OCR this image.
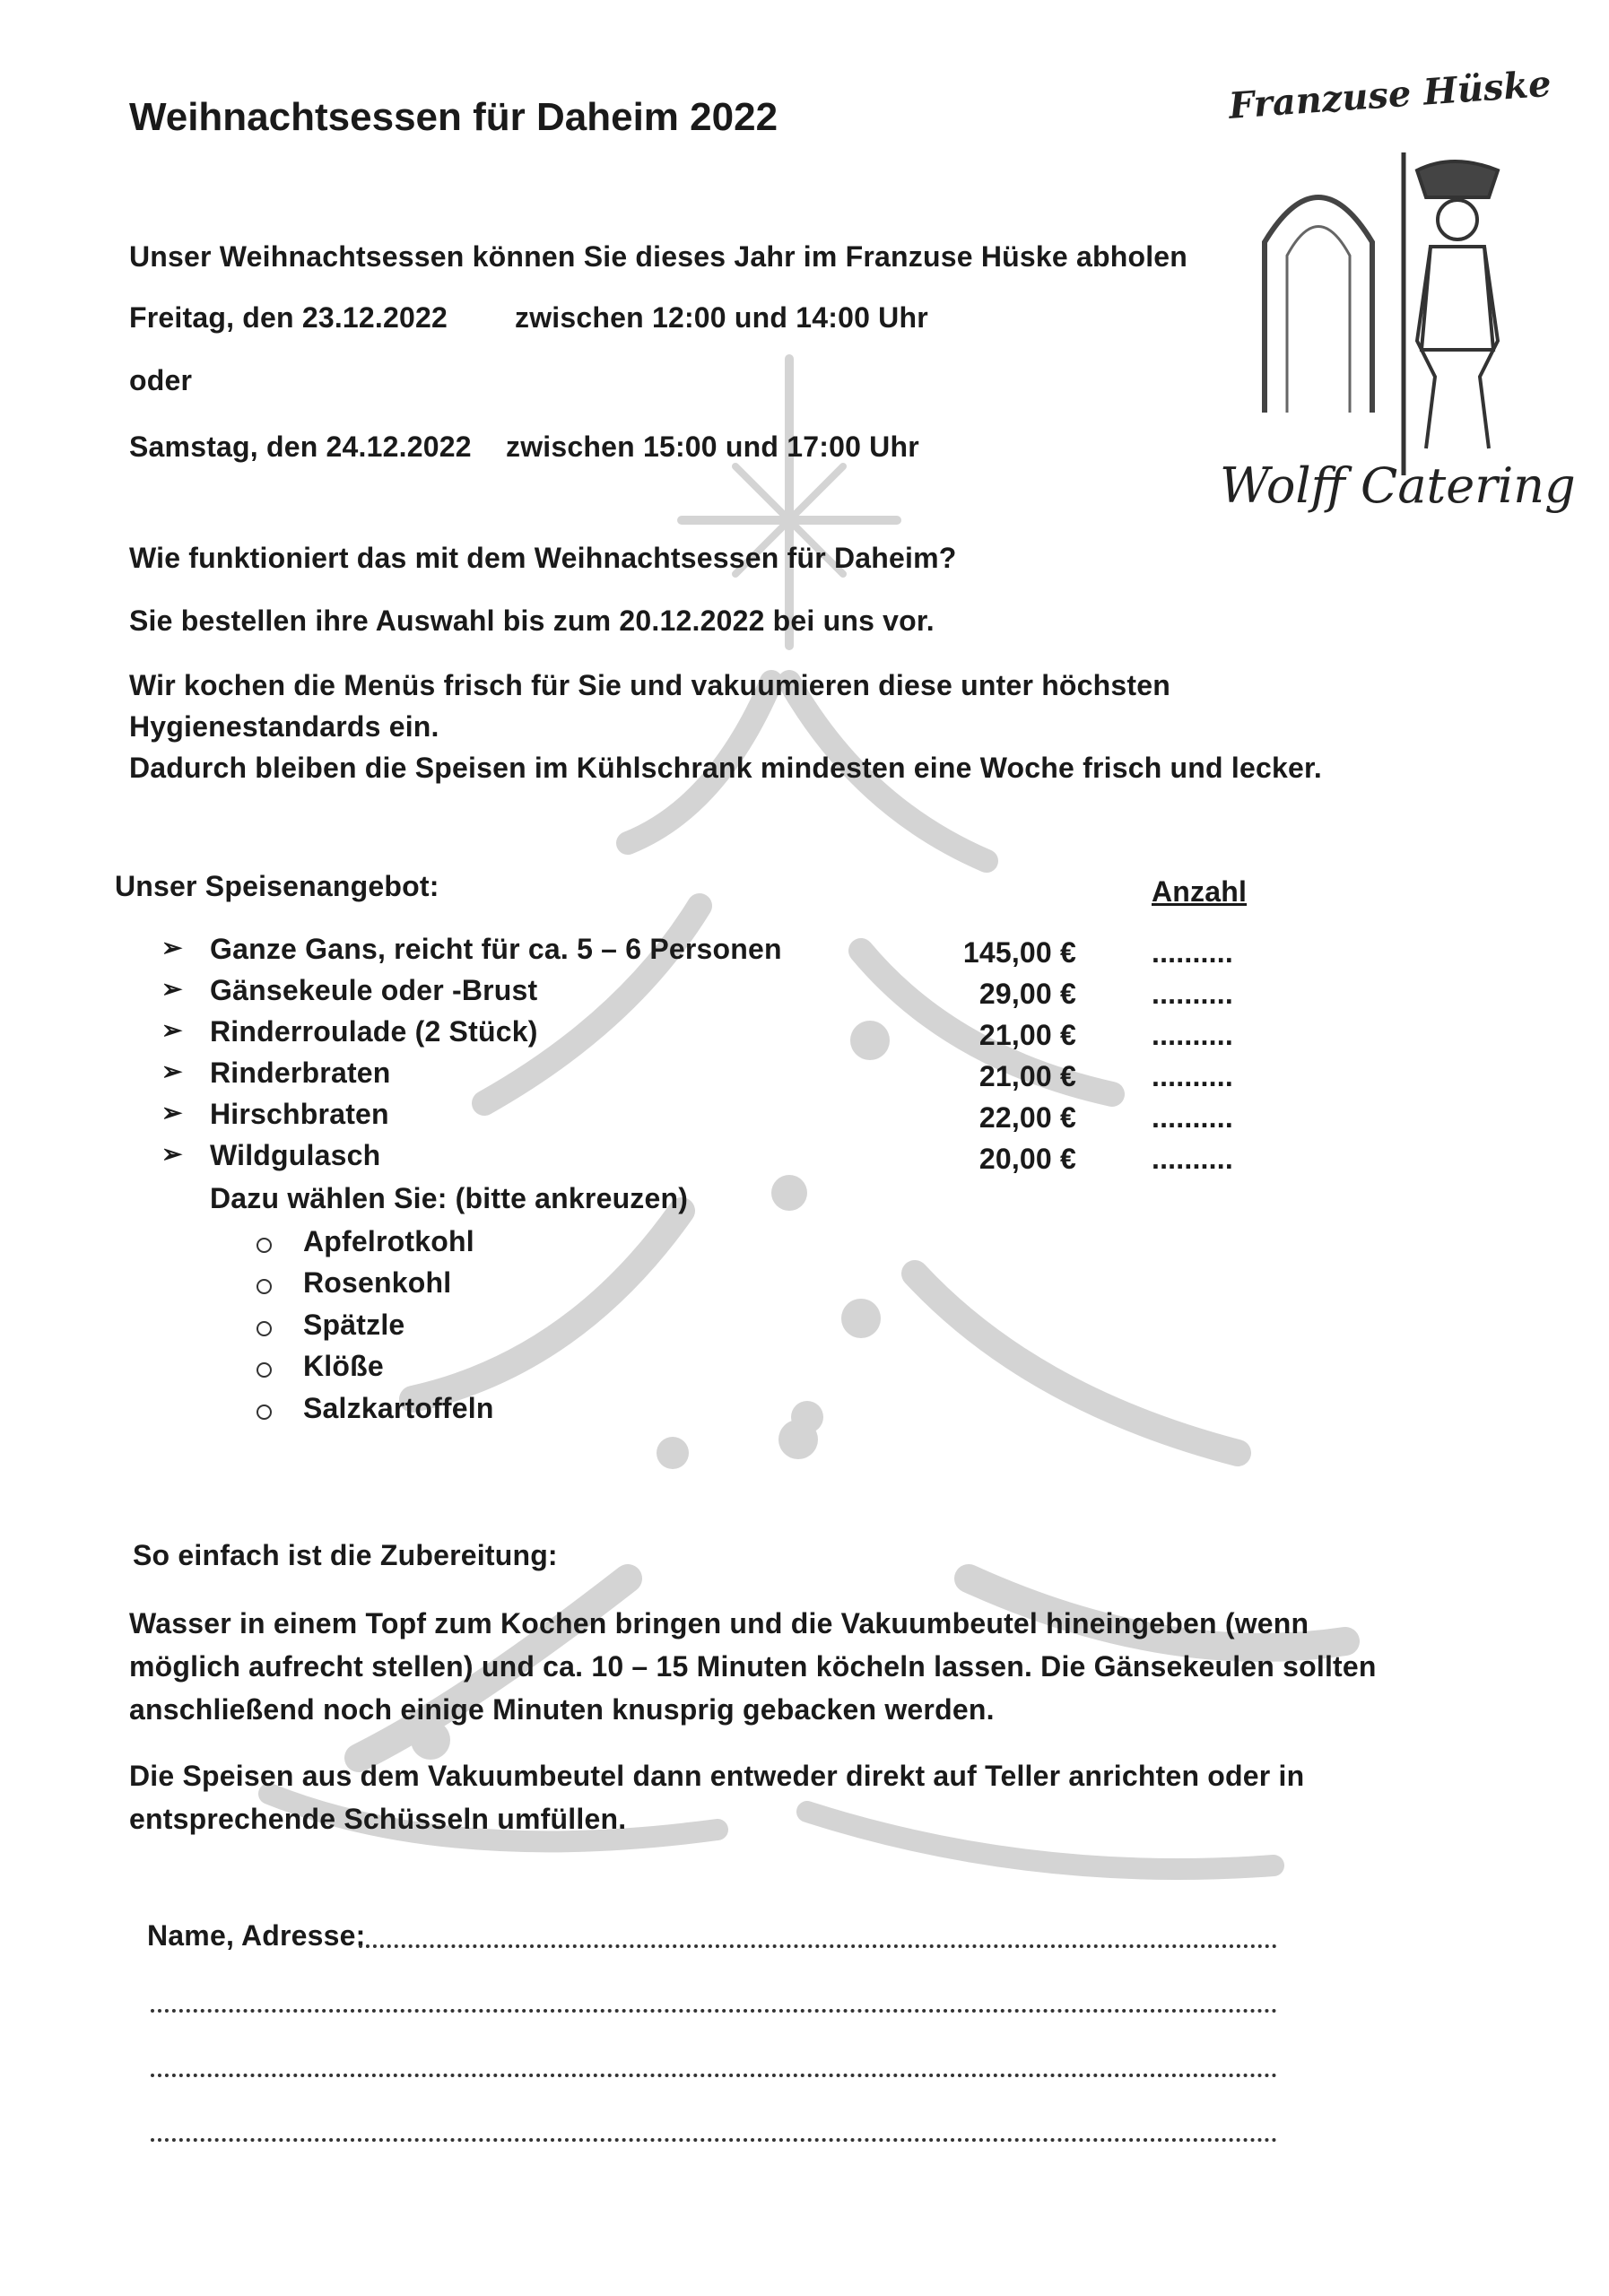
Franzuse Hüske
Wolff Catering
Weihnachtsessen für Daheim 2022
Unser Weihnachtsessen können Sie dieses Jahr im Franzuse Hüske abholen
Freitag, den 23.12.2022 zwischen 12:00 und 14:00 Uhr
oder
Samstag, den 24.12.2022 zwischen 15:00 und 17:00 Uhr
Wie funktioniert das mit dem Weihnachtsessen für Daheim?
Sie bestellen ihre Auswahl bis zum 20.12.2022 bei uns vor.
Wir kochen die Menüs frisch für Sie und vakuumieren diese unter höchsten
Hygienestandards ein.
Dadurch bleiben die Speisen im Kühlschrank mindesten eine Woche frisch und lecker.
Unser Speisenangebot:	Anzahl
➢ Ganze Gans, reicht für ca. 5 – 6 Personen	145,00 €	..........
➢ Gänsekeule oder -Brust	29,00 €	..........
➢ Rinderroulade (2 Stück)	21,00 €	..........
➢ Rinderbraten	21,00 €	..........
➢ Hirschbraten	22,00 €	..........
➢ Wildgulasch	20,00 €	..........
Dazu wählen Sie: (bitte ankreuzen)
Apfelrotkohl
Rosenkohl
Spätzle
Klöße
Salzkartoffeln
So einfach ist die Zubereitung:
Wasser in einem Topf zum Kochen bringen und die Vakuumbeutel hineingeben (wenn
möglich aufrecht stellen) und ca. 10 – 15 Minuten köcheln lassen. Die Gänsekeulen sollten
anschließend noch einige Minuten knusprig gebacken werden.
Die Speisen aus dem Vakuumbeutel dann entweder direkt auf Teller anrichten oder in
entsprechende Schüsseln umfüllen.
Name, Adresse:
